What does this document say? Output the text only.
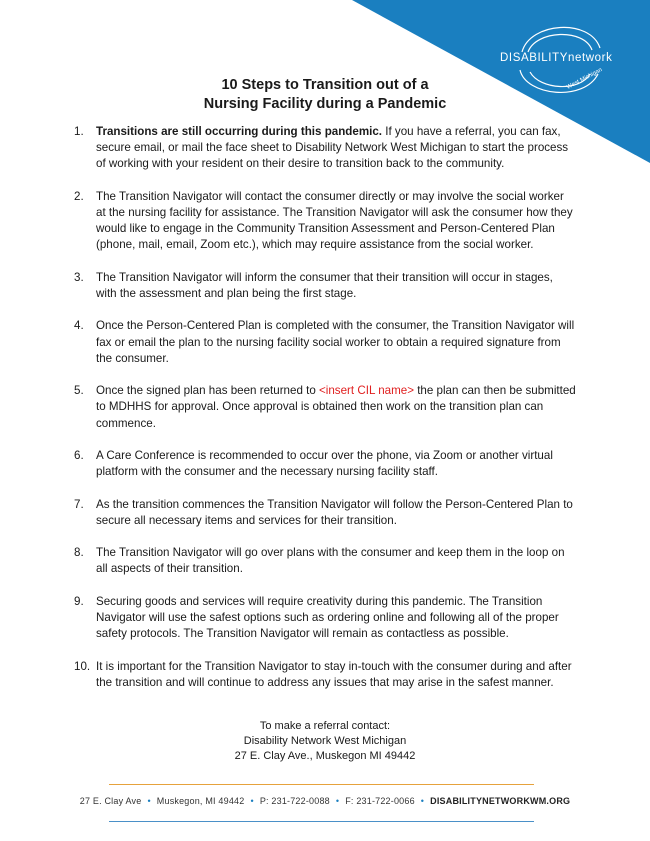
DISABILITYnetwork
West Michigan
10 Steps to Transition out of a
Nursing Facility during a Pandemic
1. Transitions are still occurring during this pandemic. If you have a referral, you can fax, secure email, or mail the face sheet to Disability Network West Michigan to start the process of working with your resident on their desire to transition back to the community.
2. The Transition Navigator will contact the consumer directly or may involve the social worker at the nursing facility for assistance. The Transition Navigator will ask the consumer how they would like to engage in the Community Transition Assessment and Person-Centered Plan (phone, mail, email, Zoom etc.), which may require assistance from the social worker.
3. The Transition Navigator will inform the consumer that their transition will occur in stages, with the assessment and plan being the first stage.
4. Once the Person-Centered Plan is completed with the consumer, the Transition Navigator will fax or email the plan to the nursing facility social worker to obtain a required signature from the consumer.
5. Once the signed plan has been returned to <insert CIL name> the plan can then be submitted to MDHHS for approval. Once approval is obtained then work on the transition plan can commence.
6. A Care Conference is recommended to occur over the phone, via Zoom or another virtual platform with the consumer and the necessary nursing facility staff.
7. As the transition commences the Transition Navigator will follow the Person-Centered Plan to secure all necessary items and services for their transition.
8. The Transition Navigator will go over plans with the consumer and keep them in the loop on all aspects of their transition.
9. Securing goods and services will require creativity during this pandemic. The Transition Navigator will use the safest options such as ordering online and following all of the proper safety protocols. The Transition Navigator will remain as contactless as possible.
10. It is important for the Transition Navigator to stay in-touch with the consumer during and after the transition and will continue to address any issues that may arise in the safest manner.
To make a referral contact:
Disability Network West Michigan
27 E. Clay Ave., Muskegon MI 49442
27 E. Clay Ave • Muskegon, MI 49442 • P: 231-722-0088 • F: 231-722-0066 • DISABILITYNETWORKWM.ORG
